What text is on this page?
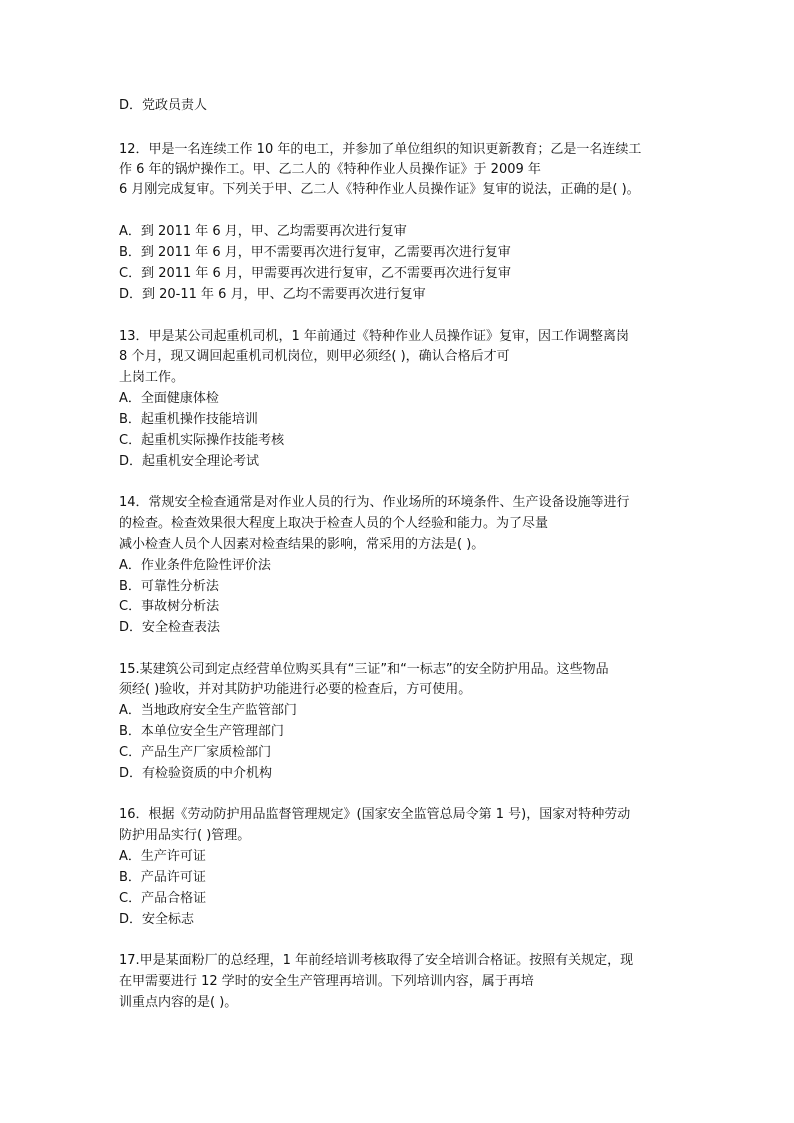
D．党政员责人
12．甲是一名连续工作 10 年的电工，并参加了单位组织的知识更新教育；乙是一名连续工
作 6 年的锅炉操作工。甲、乙二人的《特种作业人员操作证》于 2009 年
6 月刚完成复审。下列关于甲、乙二人《特种作业人员操作证》复审的说法，正确的是( )。
A．到 2011 年 6 月，甲、乙均需要再次进行复审
B．到 2011 年 6 月，甲不需要再次进行复审，乙需要再次进行复审
C．到 2011 年 6 月，甲需要再次进行复审，乙不需要再次进行复审
D．到 20-11 年 6 月，甲、乙均不需要再次进行复审
13．甲是某公司起重机司机，1 年前通过《特种作业人员操作证》复审，因工作调整离岗
8 个月，现又调回起重机司机岗位，则甲必须经( )，确认合格后才可
上岗工作。
A．全面健康体检
B．起重机操作技能培训
C．起重机实际操作技能考核
D．起重机安全理论考试
14．常规安全检查通常是对作业人员的行为、作业场所的环境条件、生产设备设施等进行
的检查。检查效果很大程度上取决于检查人员的个人经验和能力。为了尽量
减小检查人员个人因素对检查结果的影响，常采用的方法是( )。
A．作业条件危险性评价法
B．可靠性分析法
C．事故树分析法
D．安全检查表法
15.某建筑公司到定点经营单位购买具有“三证”和“一标志”的安全防护用品。这些物品
须经( )验收，并对其防护功能进行必要的检查后，方可使用。
A．当地政府安全生产监管部门
B．本单位安全生产管理部门
C．产品生产厂家质检部门
D．有检验资质的中介机构
16．根据《劳动防护用品监督管理规定》(国家安全监管总局令第 1 号)，国家对特种劳动
防护用品实行( )管理。
A．生产许可证
B．产品许可证
C．产品合格证
D．安全标志
17.甲是某面粉厂的总经理，1 年前经培训考核取得了安全培训合格证。按照有关规定，现
在甲需要进行 12 学时的安全生产管理再培训。下列培训内容，属于再培
训重点内容的是( )。
